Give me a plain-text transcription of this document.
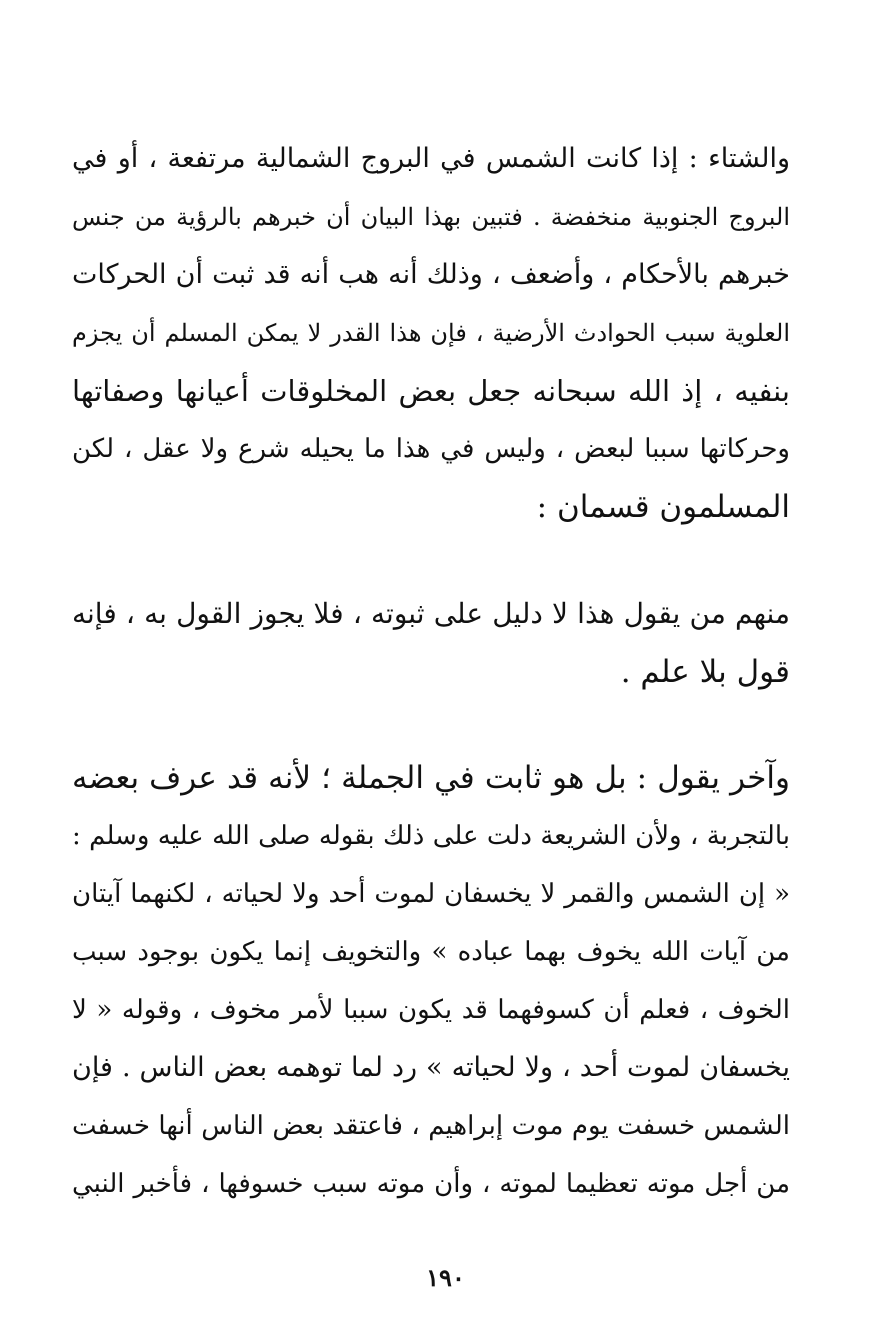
والشتاء : إذا كانت الشمس في البروج الشمالية مرتفعة ، أو في
البروج الجنوبية منخفضة . فتبين بهذا البيان أن خبرهم بالرؤية من جنس
خبرهم بالأحكام ، وأضعف ، وذلك أنه هب أنه قد ثبت أن الحركات
العلوية سبب الحوادث الأرضية ، فإن هذا القدر لا يمكن المسلم أن يجزم
بنفيه ، إذ الله سبحانه جعل بعض المخلوقات أعيانها وصفاتها
وحركاتها سببا لبعض ، وليس في هذا ما يحيله شرع ولا عقل ، لكن
المسلمون قسمان :
منهم من يقول هذا لا دليل على ثبوته ، فلا يجوز القول به ، فإنه
قول بلا علم .
وآخر يقول : بل هو ثابت في الجملة ؛ لأنه قد عرف بعضه
بالتجربة ، ولأن الشريعة دلت على ذلك بقوله صلى الله عليه وسلم :
« إن الشمس والقمر لا يخسفان لموت أحد ولا لحياته ، لكنهما آيتان
من آيات الله يخوف بهما عباده » والتخويف إنما يكون بوجود سبب
الخوف ، فعلم أن كسوفهما قد يكون سببا لأمر مخوف ، وقوله « لا
يخسفان لموت أحد ، ولا لحياته » رد لما توهمه بعض الناس . فإن
الشمس خسفت يوم موت إبراهيم ، فاعتقد بعض الناس أنها خسفت
من أجل موته تعظيما لموته ، وأن موته سبب خسوفها ، فأخبر النبي
١٩٠
